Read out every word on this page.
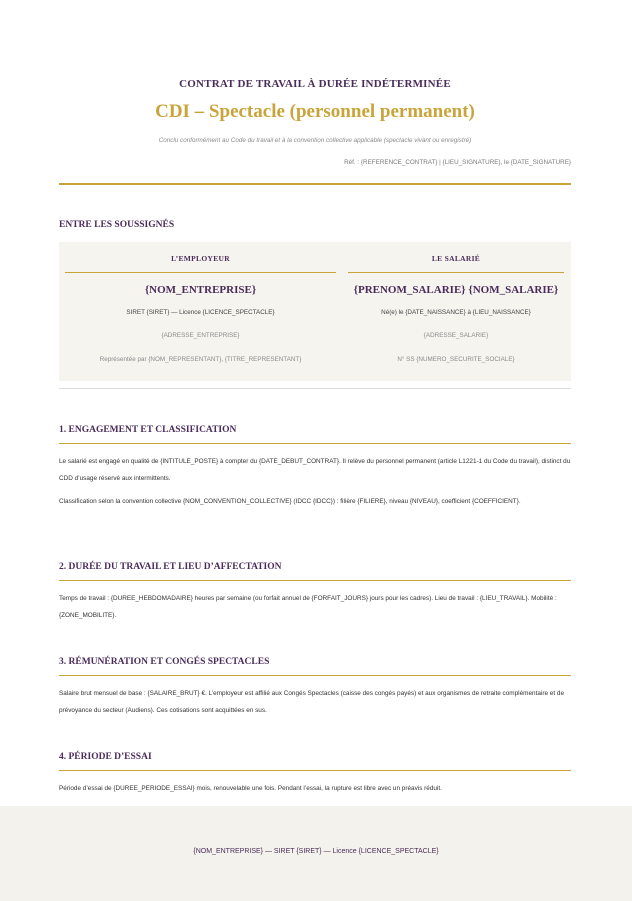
CONTRAT DE TRAVAIL À DURÉE INDÉTERMINÉE
CDI – Spectacle (personnel permanent)
Conclu conformément au Code du travail et à la convention collective applicable (spectacle vivant ou enregistré)
Réf. : {REFERENCE_CONTRAT} | {LIEU_SIGNATURE}, le {DATE_SIGNATURE}
ENTRE LES SOUSSIGNÉS
L’EMPLOYEUR
{NOM_ENTREPRISE}
SIRET {SIRET} — Licence {LICENCE_SPECTACLE}
{ADRESSE_ENTREPRISE}
Représentée par {NOM_REPRESENTANT}, {TITRE_REPRESENTANT}
LE SALARIÉ
{PRENOM_SALARIE} {NOM_SALARIE}
Né(e) le {DATE_NAISSANCE} à {LIEU_NAISSANCE}
{ADRESSE_SALARIE}
N° SS {NUMERO_SECURITE_SOCIALE}
1. ENGAGEMENT ET CLASSIFICATION

Le salarié est engagé en qualité de {INTITULE_POSTE} à compter du {DATE_DEBUT_CONTRAT}. Il relève du personnel permanent (article L1221-1 du Code du travail), distinct du CDD d’usage réservé aux intermittents.

Classification selon la convention collective {NOM_CONVENTION_COLLECTIVE} (IDCC {IDCC}) : filière {FILIERE}, niveau {NIVEAU}, coefficient {COEFFICIENT}.

2. DURÉE DU TRAVAIL ET LIEU D’AFFECTATION

Temps de travail : {DUREE_HEBDOMADAIRE} heures par semaine (ou forfait annuel de {FORFAIT_JOURS} jours pour les cadres). Lieu de travail : {LIEU_TRAVAIL}. Mobilité : {ZONE_MOBILITE}.

3. RÉMUNÉRATION ET CONGÉS SPECTACLES

Salaire brut mensuel de base : {SALAIRE_BRUT} €. L’employeur est affilié aux Congés Spectacles (caisse des congés payés) et aux organismes de retraite complémentaire et de prévoyance du secteur (Audiens). Ces cotisations sont acquittées en sus.

4. PÉRIODE D’ESSAI

Période d’essai de {DUREE_PERIODE_ESSAI} mois, renouvelable une fois. Pendant l’essai, la rupture est libre avec un préavis réduit.

{NOM_ENTREPRISE} — SIRET {SIRET} — Licence {LICENCE_SPECTACLE}
